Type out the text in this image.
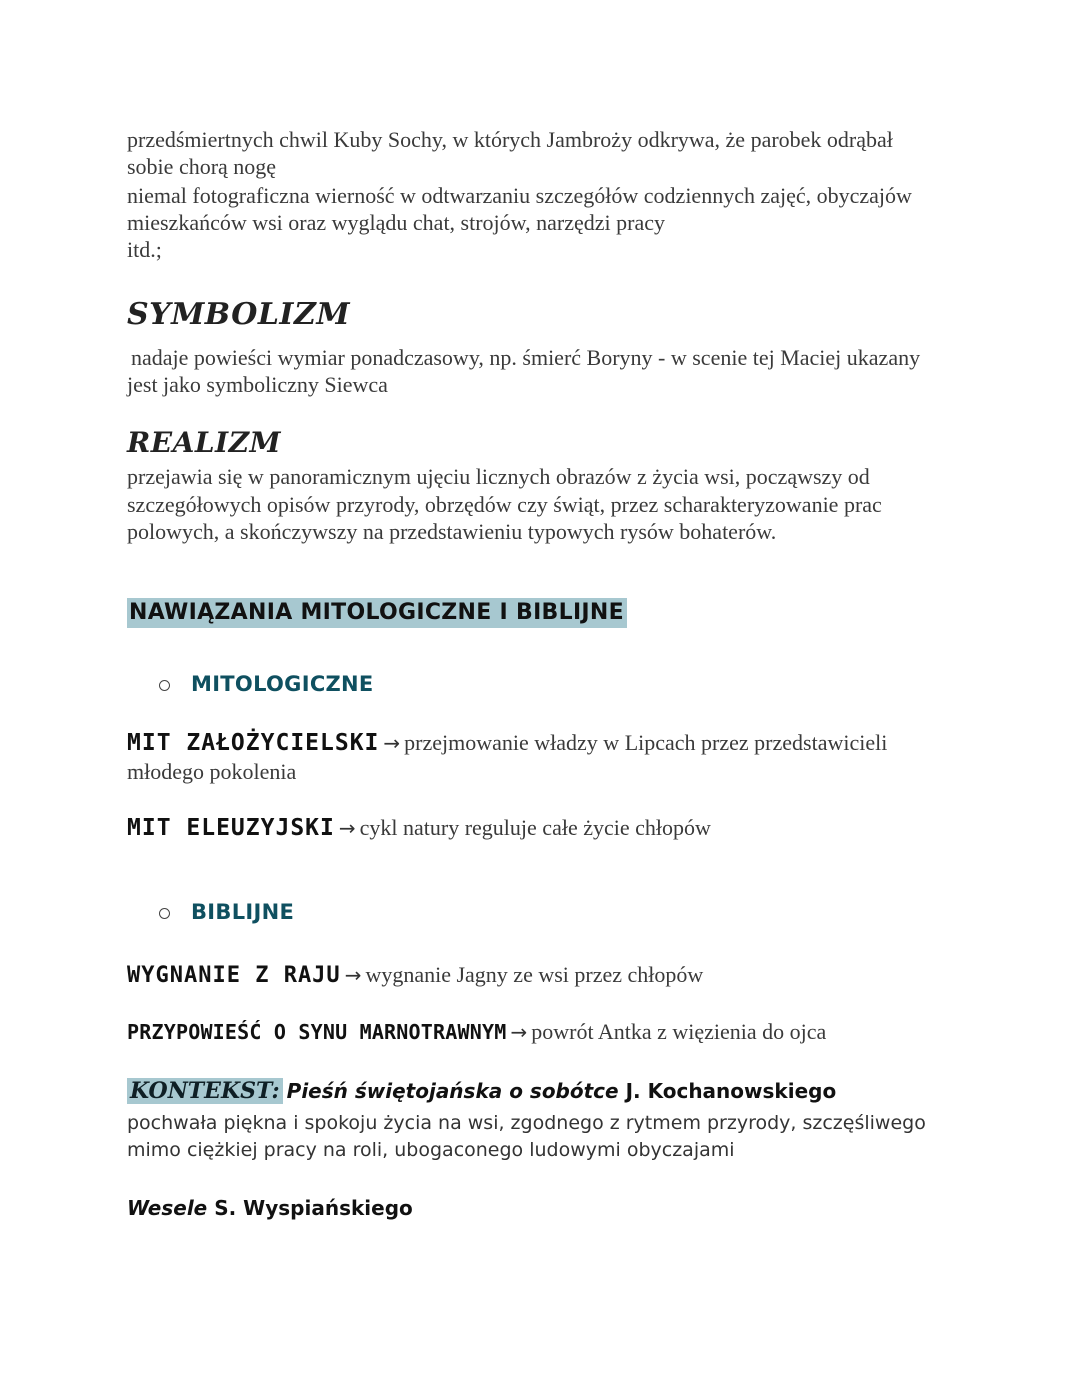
przedśmiertnych chwil Kuby Sochy, w których Jambroży odkrywa, że parobek odrąbał
sobie chorą nogę
niemal fotograficzna wierność w odtwarzaniu szczegółów codziennych zajęć, obyczajów
mieszkańców wsi oraz wyglądu chat, strojów, narzędzi pracy
itd.;
SYMBOLIZM
nadaje powieści wymiar ponadczasowy, np. śmierć Boryny - w scenie tej Maciej ukazany
jest jako symboliczny Siewca
REALIZM
przejawia się w panoramicznym ujęciu licznych obrazów z życia wsi, począwszy od
szczegółowych opisów przyrody, obrzędów czy świąt, przez scharakteryzowanie prac
polowych, a skończywszy na przedstawieniu typowych rysów bohaterów.
NAWIĄZANIA MITOLOGICZNE I BIBLIJNE
MITOLOGICZNE
MIT ZAŁOŻYCIELSKI → przejmowanie władzy w Lipcach przez przedstawicieli
młodego pokolenia
MIT ELEUZYJSKI → cykl natury reguluje całe życie chłopów
BIBLIJNE
WYGNANIE Z RAJU → wygnanie Jagny ze wsi przez chłopów
PRZYPOWIEŚĆ O SYNU MARNOTRAWNYM → powrót Antka z więzienia do ojca
KONTEKST: Pieśń świętojańska o sobótce J. Kochanowskiego
pochwała piękna i spokoju życia na wsi, zgodnego z rytmem przyrody, szczęśliwego
mimo ciężkiej pracy na roli, ubogaconego ludowymi obyczajami
Wesele S. Wyspiańskiego
